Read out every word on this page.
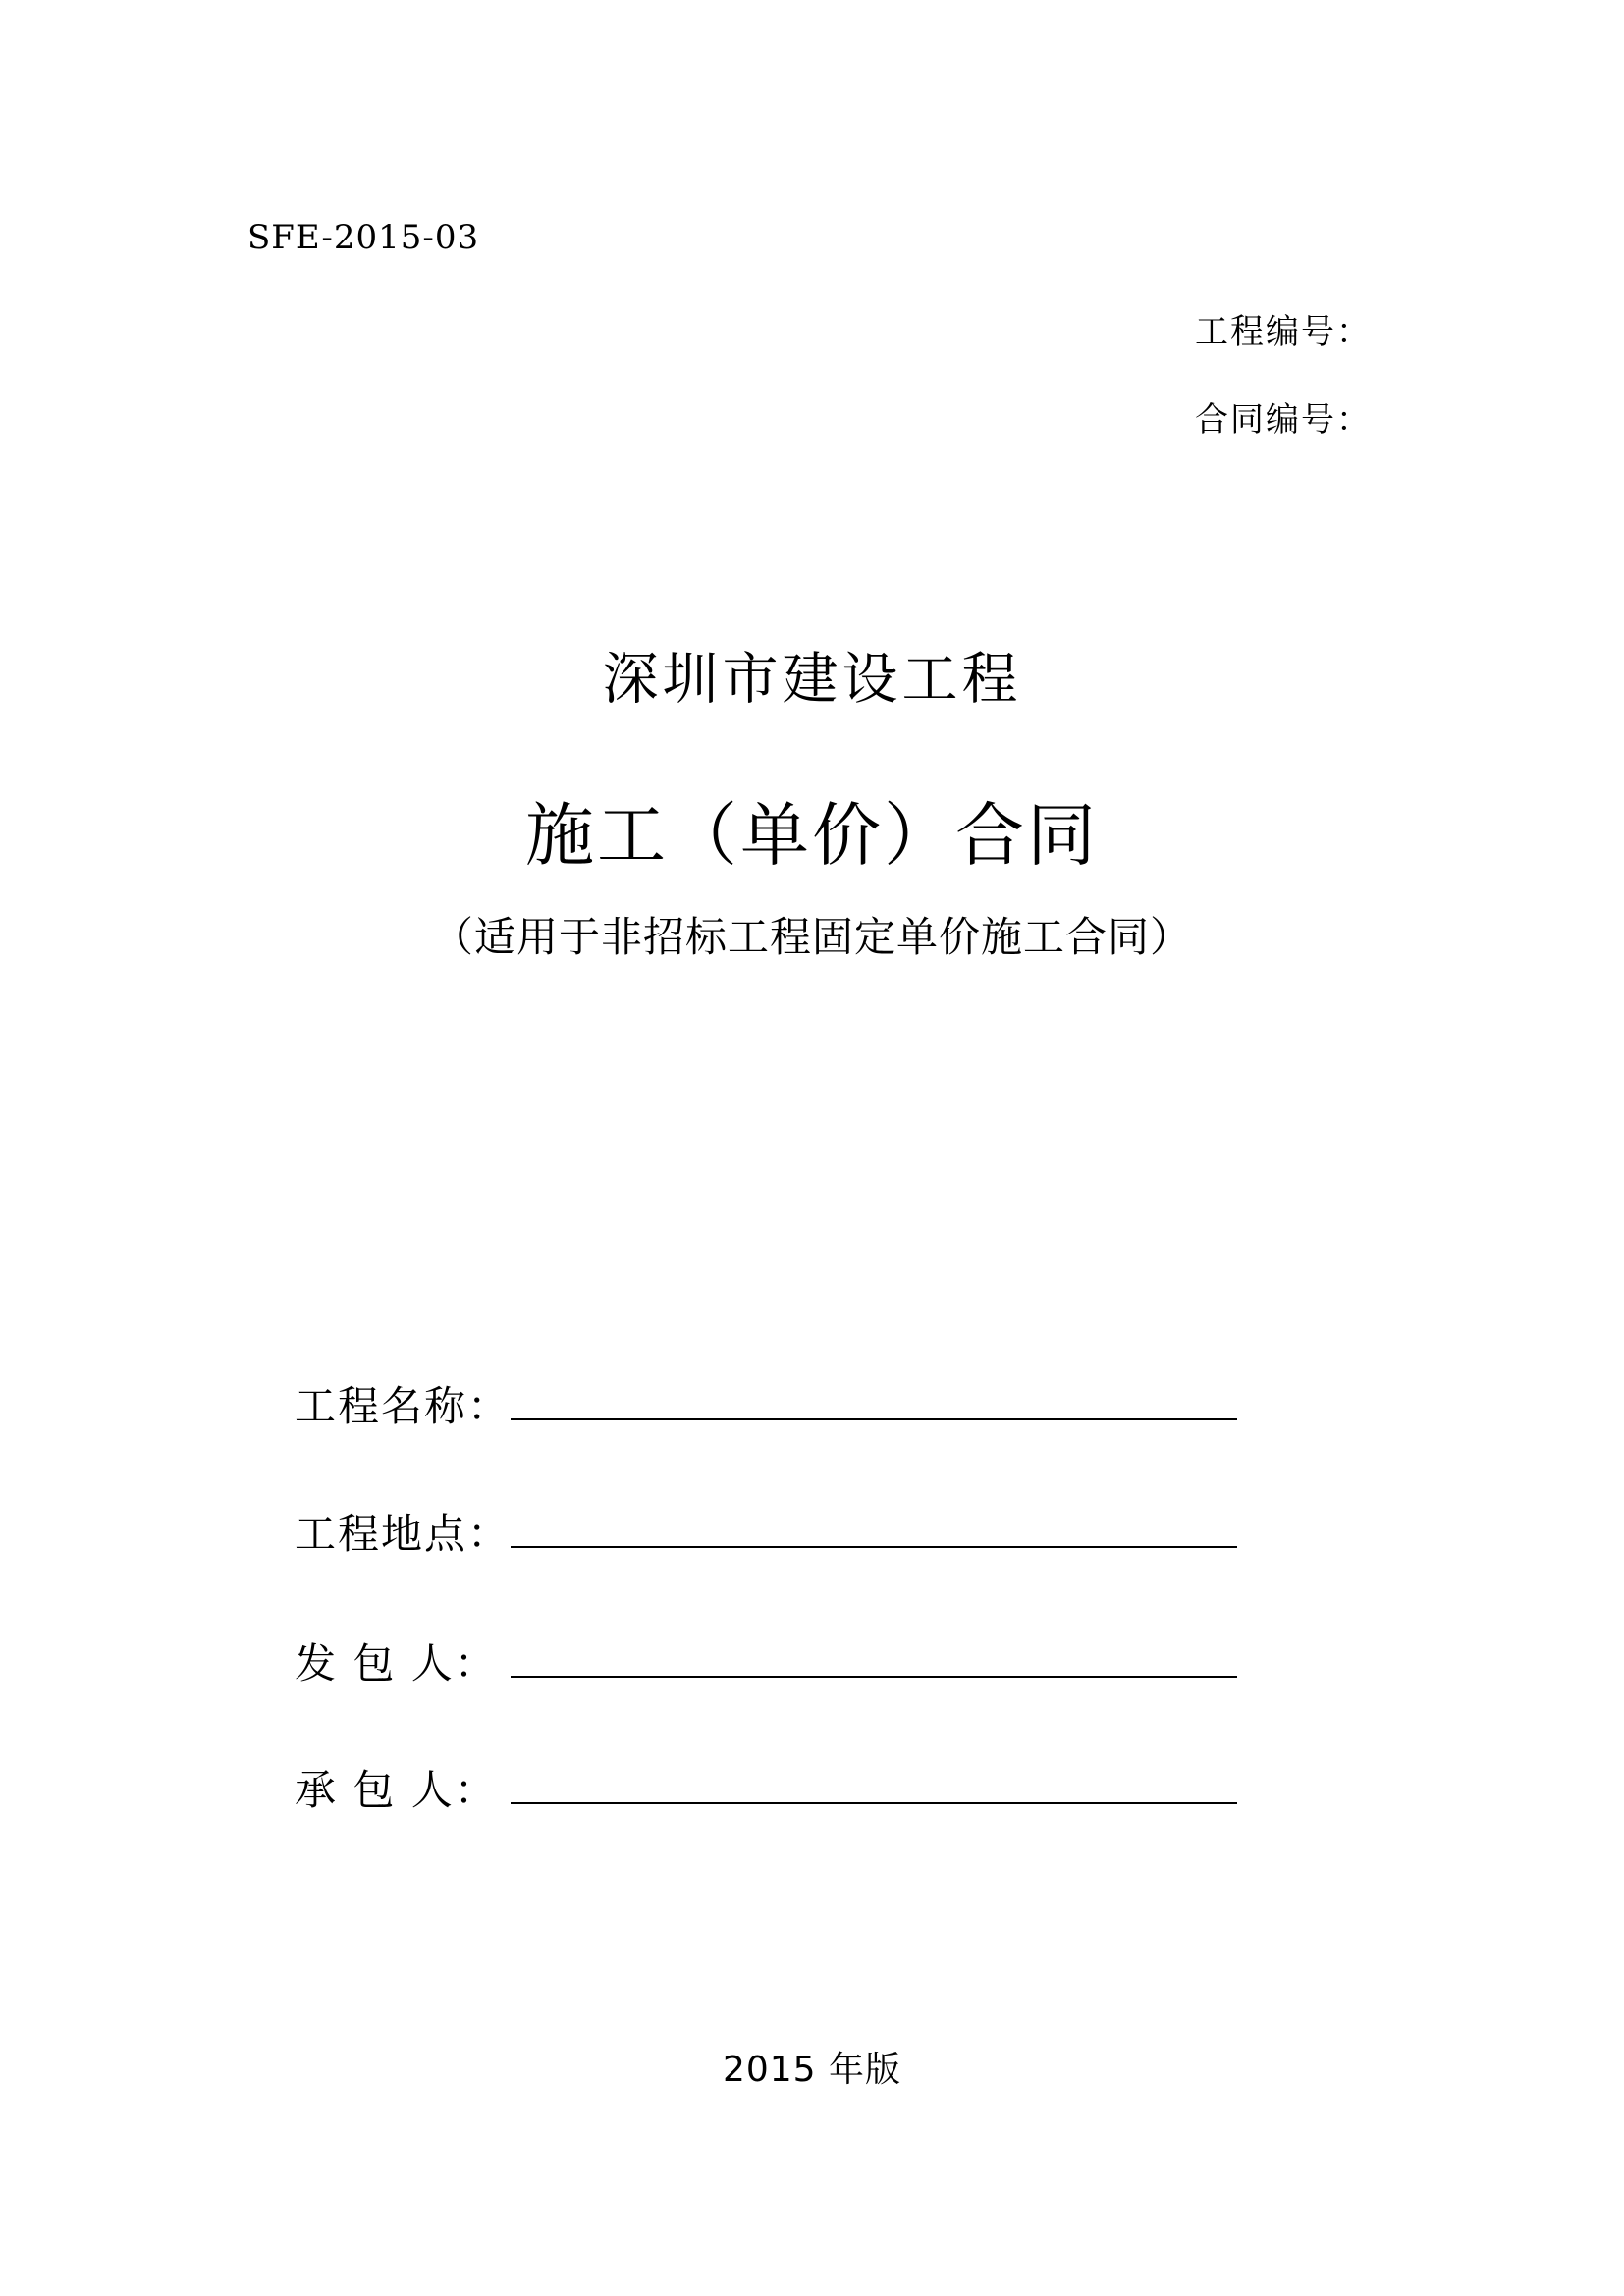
SFE-2015-03
工程编号：
合同编号：
深圳市建设工程
施工（单价）合同
（适用于非招标工程固定单价施工合同）
工程名称：
工程地点：
发 包 人：
承 包 人：
2015 年版
